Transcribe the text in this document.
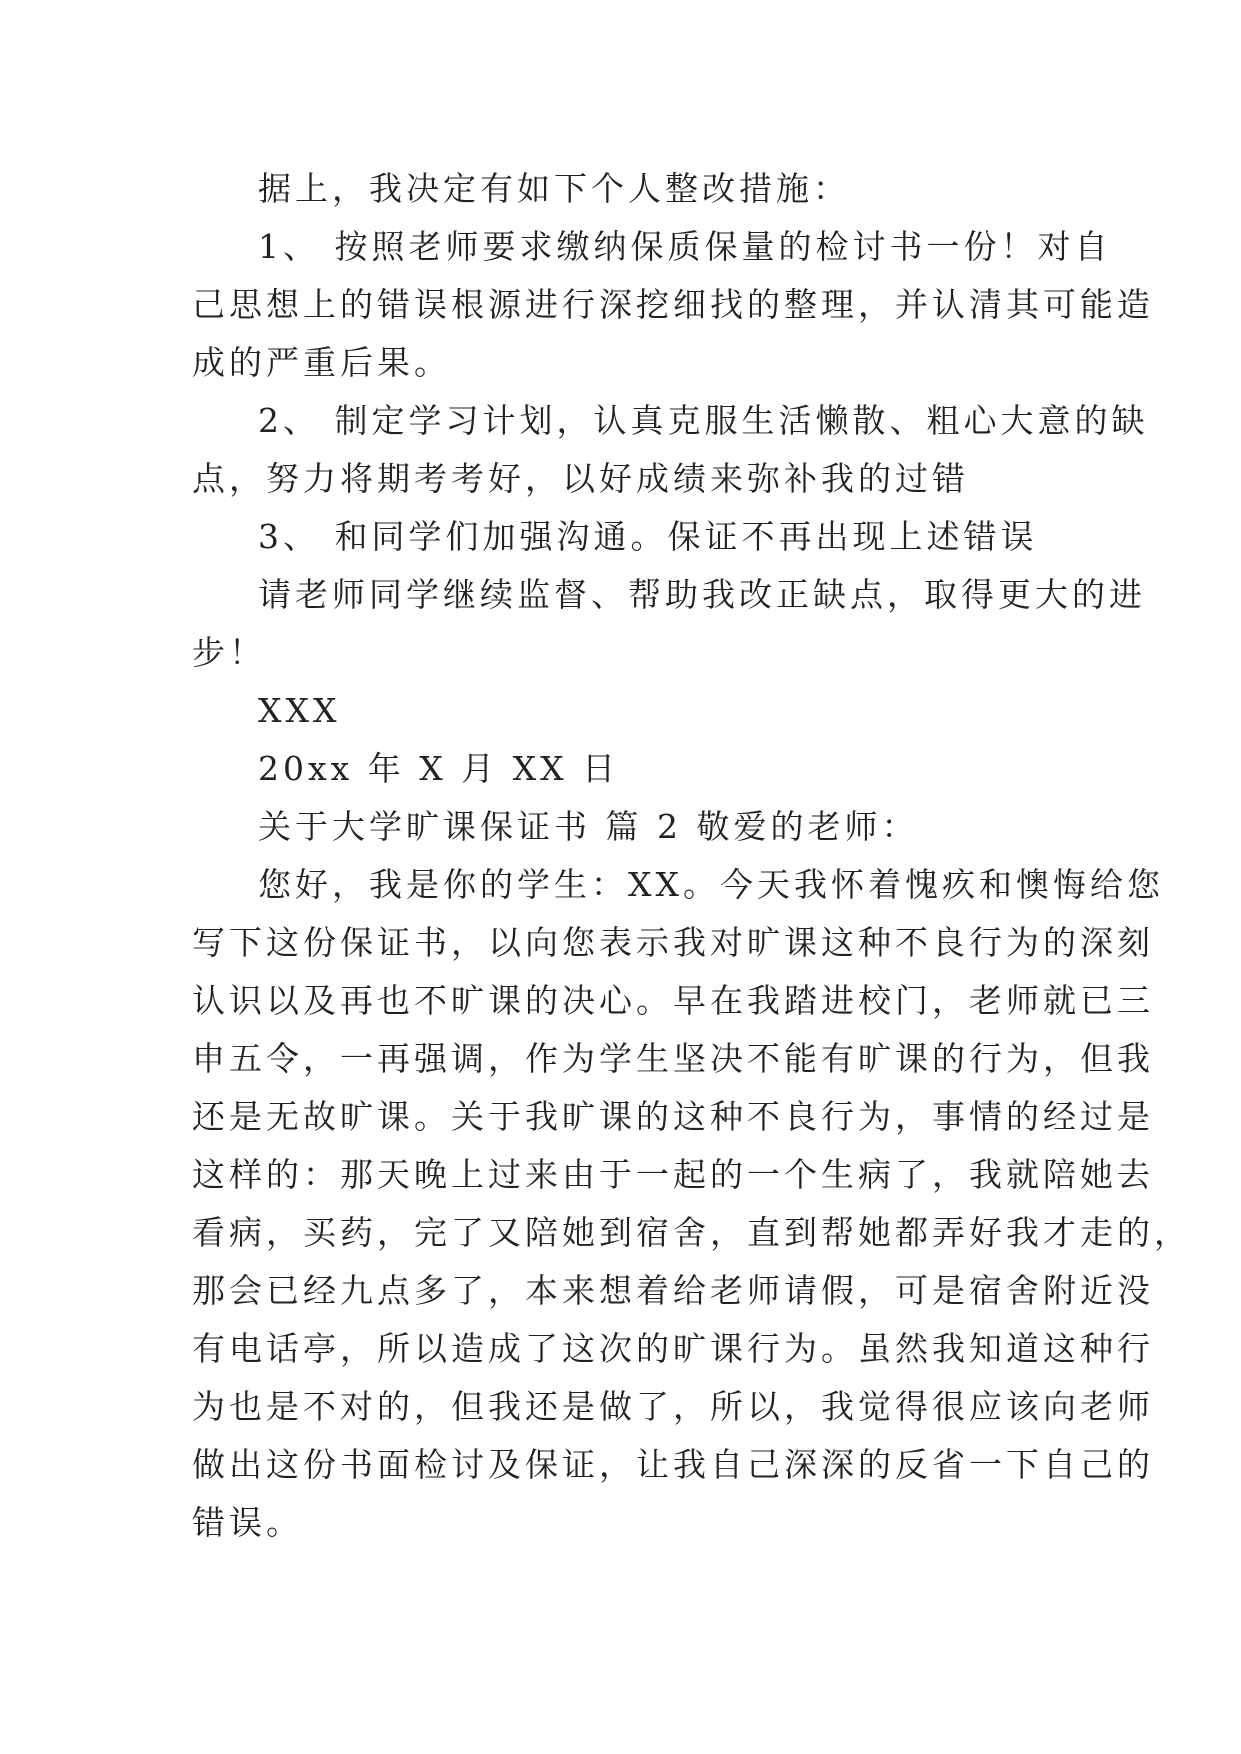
据上，我决定有如下个人整改措施：
1、 按照老师要求缴纳保质保量的检讨书一份！对自
己思想上的错误根源进行深挖细找的整理，并认清其可能造
成的严重后果。
2、 制定学习计划，认真克服生活懒散、粗心大意的缺
点，努力将期考考好，以好成绩来弥补我的过错
3、 和同学们加强沟通。保证不再出现上述错误
请老师同学继续监督、帮助我改正缺点，取得更大的进
步！
XXX
20xx 年 X 月 XX 日
关于大学旷课保证书 篇 2 敬爱的老师：
您好，我是你的学生：XX。今天我怀着愧疚和懊悔给您
写下这份保证书，以向您表示我对旷课这种不良行为的深刻
认识以及再也不旷课的决心。早在我踏进校门，老师就已三
申五令，一再强调，作为学生坚决不能有旷课的行为，但我
还是无故旷课。关于我旷课的这种不良行为，事情的经过是
这样的：那天晚上过来由于一起的一个生病了，我就陪她去
看病，买药，完了又陪她到宿舍，直到帮她都弄好我才走的，
那会已经九点多了，本来想着给老师请假，可是宿舍附近没
有电话亭，所以造成了这次的旷课行为。虽然我知道这种行
为也是不对的，但我还是做了，所以，我觉得很应该向老师
做出这份书面检讨及保证，让我自己深深的反省一下自己的
错误。
